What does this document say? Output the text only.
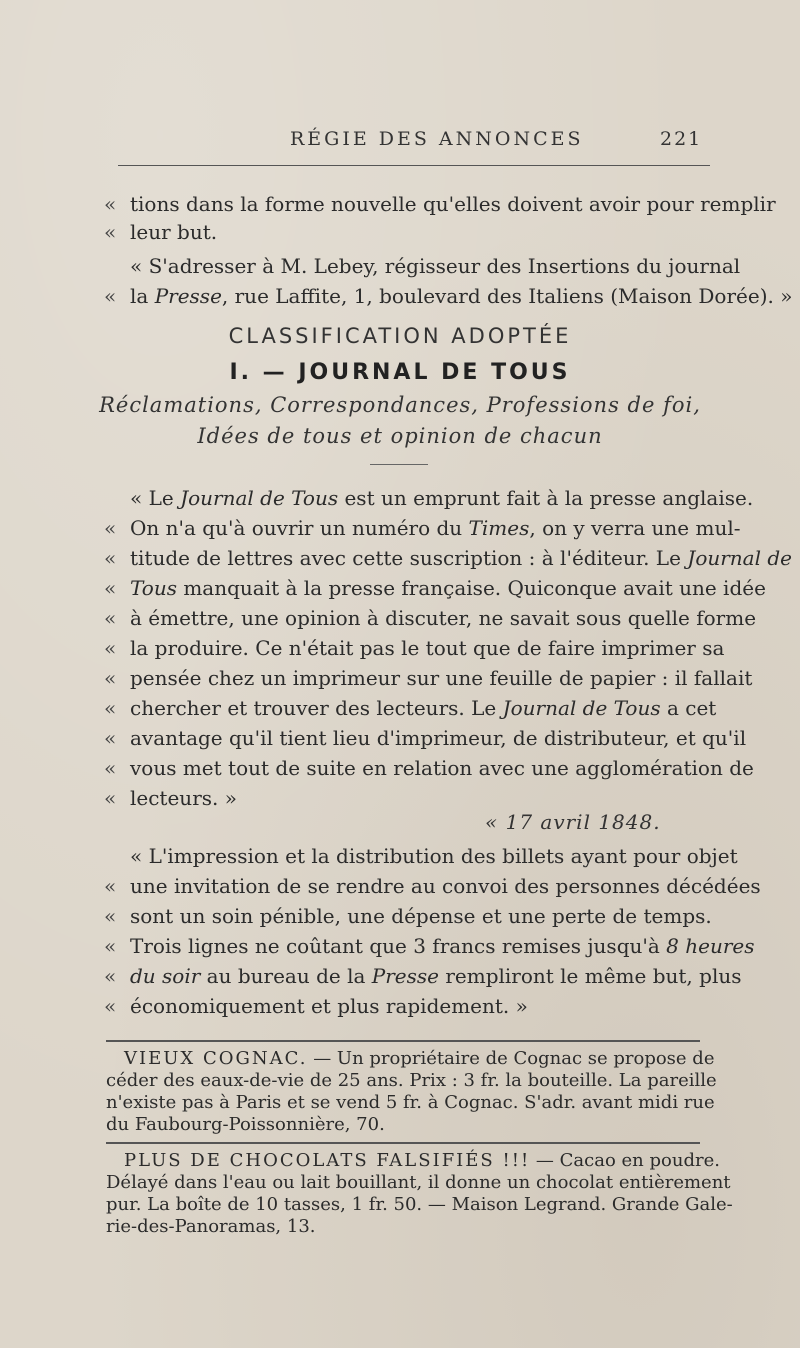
RÉGIE DES ANNONCES	221
« tions dans la forme nouvelle qu'elles doivent avoir pour remplir

« leur but.

« S'adresser à M. Lebey, régisseur des Insertions du journal

« la Presse, rue Laffite, 1, boulevard des Italiens (Maison Dorée). »

CLASSIFICATION ADOPTÉE

I. — JOURNAL DE TOUS

Réclamations, Correspondances, Professions de foi,

Idées de tous et opinion de chacun

« Le Journal de Tous est un emprunt fait à la presse anglaise.

« On n'a qu'à ouvrir un numéro du Times, on y verra une mul-

« titude de lettres avec cette suscription : à l'éditeur. Le Journal de

« Tous manquait à la presse française. Quiconque avait une idée

« à émettre, une opinion à discuter, ne savait sous quelle forme

« la produire. Ce n'était pas le tout que de faire imprimer sa

« pensée chez un imprimeur sur une feuille de papier : il fallait

« chercher et trouver des lecteurs. Le Journal de Tous a cet

« avantage qu'il tient lieu d'imprimeur, de distributeur, et qu'il

« vous met tout de suite en relation avec une agglomération de

« lecteurs. »

« 17 avril 1848.

« L'impression et la distribution des billets ayant pour objet

« une invitation de se rendre au convoi des personnes décédées

« sont un soin pénible, une dépense et une perte de temps.

« Trois lignes ne coûtant que 3 francs remises jusqu'à 8 heures

« du soir au bureau de la Presse rempliront le même but, plus

« économiquement et plus rapidement. »

VIEUX COGNAC. — Un propriétaire de Cognac se propose de
céder des eaux-de-vie de 25 ans. Prix : 3 fr. la bouteille. La pareille
n'existe pas à Paris et se vend 5 fr. à Cognac. S'adr. avant midi rue
du Faubourg-Poissonnière, 70.
PLUS DE CHOCOLATS FALSIFIÉS !!! — Cacao en poudre.
Délayé dans l'eau ou lait bouillant, il donne un chocolat entièrement
pur. La boîte de 10 tasses, 1 fr. 50. — Maison Legrand. Grande Gale-
rie-des-Panoramas, 13.
